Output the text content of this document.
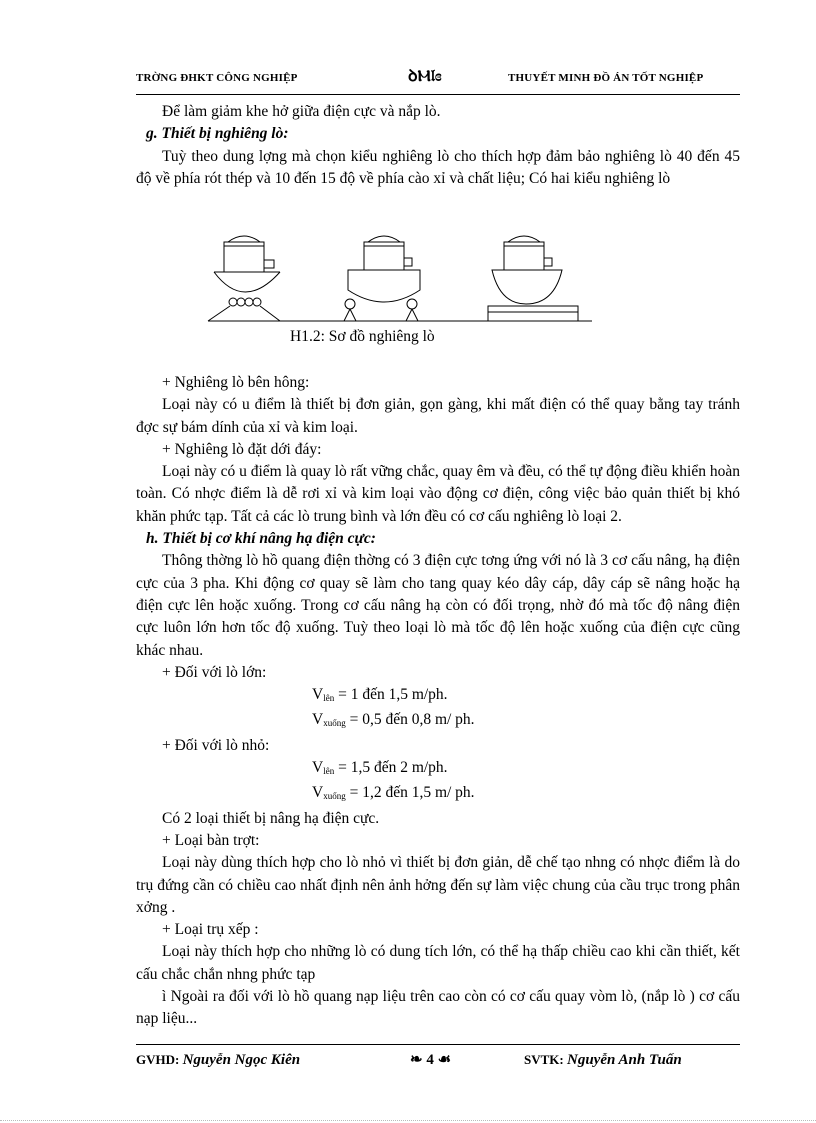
TRỜNG ĐHKT CÔNG NGHIỆP	ꝺⲘ𝔩ɞ	THUYẾT MINH ĐỒ ÁN TỐT NGHIỆP

Để làm giảm khe hở giữa điện cực và nắp lò.

g. Thiết bị nghiêng lò:

Tuỳ theo dung lợng mà chọn kiểu nghiêng lò cho thích hợp đảm bảo nghiêng lò 40 đến 45 độ về phía rót thép và 10 đến 15 độ về phía cào xỉ và chất liệu; Có hai kiểu nghiêng lò

H1.2: Sơ đồ nghiêng lò

+ Nghiêng lò bên hông:

Loại này có u điểm là thiết bị đơn giản, gọn gàng, khi mất điện có thể quay bằng tay tránh đợc sự bám dính của xỉ và kim loại.

+ Nghiêng lò đặt dới đáy:

Loại này có u điểm là quay lò rất vững chắc, quay êm và đều, có thể tự động điều khiển hoàn toàn. Có nhợc điểm là dễ rơi xỉ và kim loại vào động cơ điện, công việc bảo quản thiết bị khó khăn phức tạp. Tất cả các lò trung bình và lớn đều có cơ cấu nghiêng lò loại 2.

h. Thiết bị cơ khí nâng hạ điện cực:

Thông thờng lò hồ quang điện thờng có 3 điện cực tơng ứng với nó là 3 cơ cấu nâng, hạ điện cực của 3 pha. Khi động cơ quay sẽ làm cho tang quay kéo dây cáp, dây cáp sẽ nâng hoặc hạ điện cực lên hoặc xuống. Trong cơ cấu nâng hạ còn có đối trọng, nhờ đó mà tốc độ nâng điện cực luôn lớn hơn tốc độ xuống. Tuỳ theo loại lò mà tốc độ lên hoặc xuống của điện cực cũng khác nhau.

+ Đối với lò lớn:

$V_{lên} = 1$ đến 1,5 m/ph.

$V_{xuống} = 0,5$ đến 0,8 m/ ph.

+ Đối với lò nhỏ:

$V_{lên} = 1,5$ đến 2 m/ph.

$V_{xuống} = 1,2$ đến 1,5 m/ ph.

Có 2 loại thiết bị nâng hạ điện cực.

+ Loại bàn trợt:

Loại này dùng thích hợp cho lò nhỏ vì thiết bị đơn giản, dễ chế tạo nhng có nhợc điểm là do trụ đứng cần có chiều cao nhất định nên ảnh hởng đến sự làm việc chung của cầu trục trong phân xởng .

+ Loại trụ xếp :

Loại này thích hợp cho những lò có dung tích lớn, có thể hạ thấp chiều cao khi cần thiết, kết cấu chắc chắn nhng phức tạp

ì Ngoài ra đối với lò hồ quang nạp liệu trên cao còn có cơ cấu quay vòm lò, (nắp lò ) cơ cấu nạp liệu...

GVHD: Nguyễn Ngọc Kiên	❧ 4 ☙	SVTK: Nguyễn Anh Tuấn
